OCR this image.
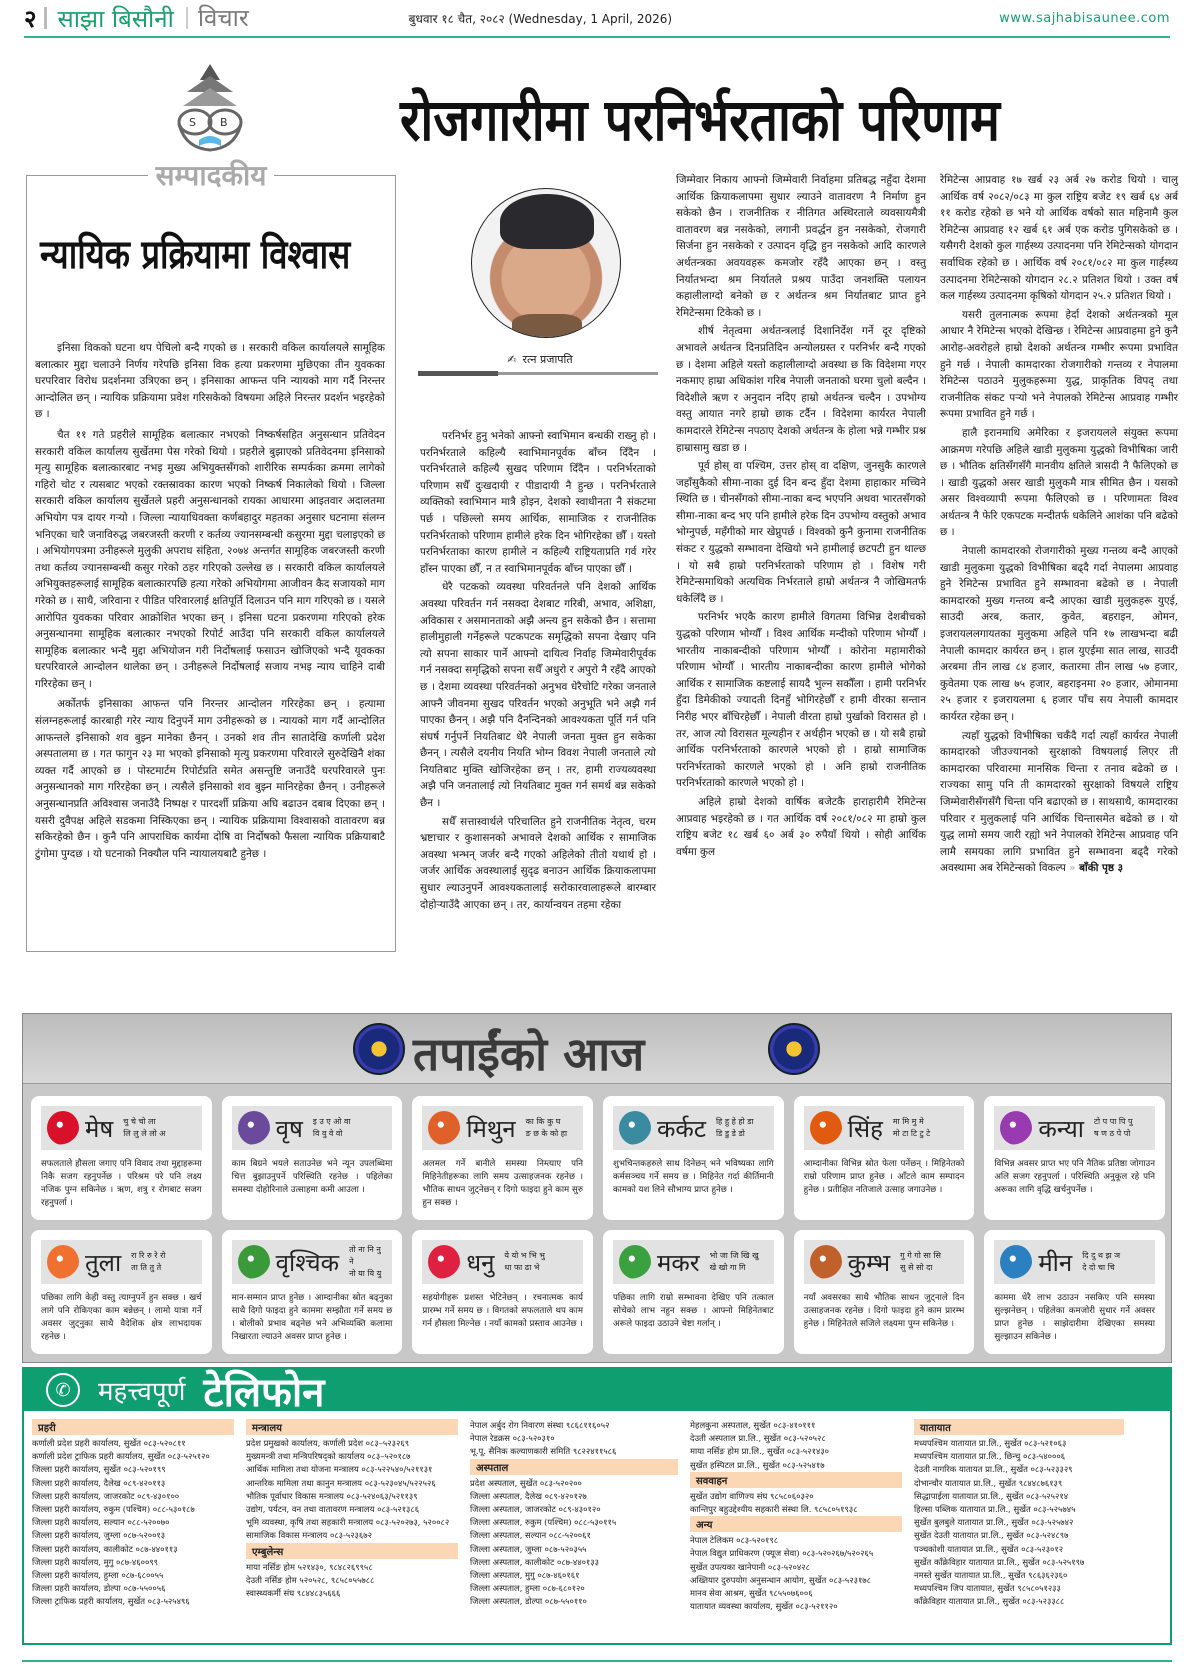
२ साझा बिसौनी	विचार	बुधवार १८ चैत, २०८२ (Wednesday, 1 April, 2026)	www.sajhabisaunee.com
S B
सम्पादकीय
न्यायिक प्रक्रियामा विश्वास

इनिसा विकको घटना थप पेचिलो बन्दै गएको छ । सरकारी वकिल कार्यालयले सामूहिक बलात्कार मुद्दा चलाउने निर्णय गरेपछि इनिसा विक हत्या प्रकरणमा मुछिएका तीन युवकका घरपरिवार विरोध प्रदर्शनमा उत्रिएका छन् । इनिसाका आफन्त पनि न्यायको माग गर्दै निरन्तर आन्दोलित छन् । न्यायिक प्रक्रियामा प्रवेश गरिसकेको विषयमा अहिले निरन्तर प्रदर्शन भइरहेको छ ।

चैत ११ गते प्रहरीले सामूहिक बलात्कार नभएको निष्कर्षसहित अनुसन्धान प्रतिवेदन सरकारी वकिल कार्यालय सुर्खेतमा पेस गरेको थियो । प्रहरीले बुझाएको प्रतिवेदनमा इनिसाको मृत्यु सामूहिक बलात्कारबाट नभइ मुख्य अभियुक्तसँगको शारीरिक सम्पर्कका क्रममा लागेको गहिरो चोट र त्यसबाट भएको रक्तस्रावका कारण भएको निष्कर्ष निकालेको थियो । जिल्ला सरकारी वकिल कार्यालय सुर्खेतले प्रहरी अनुसन्धानको रायका आधारमा आइतवार अदालतमा अभियोग पत्र दायर गर्‍यो । जिल्ला न्यायाधिवक्ता कर्णबहादुर महतका अनुसार घटनामा संलग्न भनिएका चारै जनाविरुद्ध जबरजस्ती करणी र कर्तव्य ज्यानसम्बन्धी कसुरमा मुद्दा चलाइएको छ । अभियोगपत्रमा उनीहरूले मुलुकी अपराध संहिता, २०७४ अन्तर्गत सामूहिक जबरजस्ती करणी तथा कर्तव्य ज्यानसम्बन्धी कसुर गरेको ठहर गरिएको उल्लेख छ । सरकारी वकिल कार्यालयले अभियुक्तहरूलाई सामूहिक बलात्कारपछि हत्या गरेको अभियोगमा आजीवन कैद सजायको माग गरेको छ । साथै, जरिवाना र पीडित परिवारलाई क्षतिपूर्ति दिलाउन पनि माग गरिएको छ । यसले आरोपित युवकका परिवार आक्रोशित भएका छन् । इनिसा घटना प्रकरणमा गरिएको हरेक अनुसन्धानमा सामूहिक बलात्कार नभएको रिपोर्ट आउँदा पनि सरकारी वकिल कार्यालयले सामूहिक बलात्कार भन्दै मुद्दा अभियोजन गरी निर्दोषलाई फसाउन खोजिएको भन्दै यूवकका घरपरिवारले आन्दोलन थालेका छन् । उनीहरूले निर्दोषलाई सजाय नभइ न्याय चाहिने दाबी गरिरहेका छन् ।

अर्कोतर्फ इनिसाका आफन्त पनि निरन्तर आन्दोलन गरिरहेका छन् । हत्यामा संलग्नहरूलाई कारबाही गरेर न्याय दिनुपर्ने माग उनीहरूको छ । न्यायको माग गर्दै आन्दोलित आफन्तले इनिसाको शव बुझ्न मानेका छैनन् । उनको शव तीन सातादेखि कर्णाली प्रदेश अस्पतालमा छ । गत फागुन २३ मा भएको इनिसाको मृत्यु प्रकरणमा परिवारले सुरुदेखिनै शंका व्यक्त गर्दै आएको छ । पोस्टमार्टम रिपोर्टप्रति समेत असन्तुष्टि जनाउँदै घरपरिवारले पुनः अनुसन्धानको माग गरिरहेका छन् । त्यसैले इनिसाको शव बुझ्न मानिरहेका छैनन् । उनीहरूले अनुसन्धानप्रति अविश्वास जनाउँदै निष्पक्ष र पारदर्शी प्रक्रिया अघि बढाउन दबाब दिएका छन् । यसरी दुवैपक्ष अहिले सडकमा निस्किएका छन् । न्यायिक प्रक्रियामा विश्वासको वातावरण बन्न सकिरहेको छैन । कुनै पनि आपराधिक कार्यमा दोषि वा निर्दोषको फैसला न्यायिक प्रक्रियाबाटै टुंगोमा पुग्दछ । यो घटनाको निक्यौल पनि न्यायालयबाटै हुनेछ ।

रोजगारीमा परनिर्भरताको परिणाम
✍ रत्न प्रजापति

परनिर्भर हुनु भनेको आफ्नो स्वाभिमान बन्धकी राख्नु हो । परनिर्भरताले कहिल्यै स्वाभिमानपूर्वक बाँच्न दिँदैन । परनिर्भरताले कहिल्यै सुखद परिणाम दिँदैन । परनिर्भरताको परिणाम सधैँ दुःखदायी र पीडादायी नै हुन्छ । परनिर्भरताले व्यक्तिको स्वाभिमान मात्रै होइन, देशको स्वाधीनता नै संकटमा पर्छ । पछिल्लो समय आर्थिक, सामाजिक र राजनीतिक परनिर्भरताको परिणाम हामीले हरेक दिन भोगिरहेका छौँ । यस्तो परनिर्भरताका कारण हामीले न कहिल्यै राष्ट्रियताप्रति गर्व गरेर हाँस्न पाएका छौँ, न त स्वाभिमानपूर्वक बाँच्न पाएका छौँ ।

धेरै पटकको व्यवस्था परिवर्तनले पनि देशको आर्थिक अवस्था परिवर्तन गर्न नसक्दा देशबाट गरिबी, अभाव, अशिक्षा, अविकास र असमानताको अझै अन्त्य हुन सकेको छैन । सत्तामा हालीमुहाली गर्नेहरूले पटकपटक समृद्धिको सपना देखाए पनि त्यो सपना साकार पार्ने आफ्नो दायित्व निर्वाह जिम्मेवारीपूर्वक गर्न नसक्दा समृद्धिको सपना सधैँ अधुरो र अपुरो नै रहँदै आएको छ । देशमा व्यवस्था परिवर्तनको अनुभव धेरैचोटि गरेका जनताले आफ्नै जीवनमा सुखद परिवर्तन भएको अनुभूति भने अझै गर्न पाएका छैनन् । अझै पनि दैनन्दिनको आवश्यकता पूर्ति गर्न पनि संघर्ष गर्नुपर्ने नियतिबाट धेरै नेपाली जनता मुक्त हुन सकेका छैनन् । त्यसैले दयनीय नियति भोग्न विवश नेपाली जनताले त्यो नियतिबाट मुक्ति खोजिरहेका छन् । तर, हामी राज्यव्यवस्था अझै पनि जनतालाई त्यो नियतिबाट मुक्त गर्न समर्थ बन्न सकेको छैन ।

सधैँ सत्तास्वार्थले परिचालित हुने राजनीतिक नेतृत्व, चरम भ्रष्टाचार र कुशासनको अभावले देशको आर्थिक र सामाजिक अवस्था भन्भन् जर्जर बन्दै गएको अहिलेको तीतो यथार्थ हो । जर्जर आर्थिक अवस्थालाई सुदृढ बनाउन आर्थिक क्रियाकलापमा सुधार ल्याउनुपर्ने आवश्यकतालाई सरोकारवालाहरूले बारम्बार दोहोर्‍याउँदै आएका छन् । तर, कार्यान्वयन तहमा रहेका

जिम्मेवार निकाय आफ्नो जिम्मेवारी निर्वाहमा प्रतिबद्ध नहुँदा देशमा आर्थिक क्रियाकलापमा सुधार ल्याउने वातावरण नै निर्माण हुन सकेको छैन । राजनीतिक र नीतिगत अस्थिरताले व्यवसायमैत्री वातावरण बन्न नसकेको, लगानी प्रवर्द्धन हुन नसकेको, रोजगारी सिर्जना हुन नसकेको र उत्पादन वृद्धि हुन नसकेको आदि कारणले अर्थतन्त्रका अवयवहरू कमजोर रहँदै आएका छन् । वस्तु निर्यातभन्दा श्रम निर्यातले प्रश्रय पाउँदा जनशक्ति पलायन कहालीलाग्दो बनेको छ र अर्थतन्त्र श्रम निर्यातबाट प्राप्त हुने रेमिटेन्समा टिकेको छ ।

शीर्ष नेतृत्वमा अर्थतन्त्रलाई दिशानिर्देश गर्ने दूर दृष्टिको अभावले अर्थतन्त्र दिनप्रतिदिन अन्योलग्रस्त र परनिर्भर बन्दै गएको छ । देशमा अहिले यस्तो कहालीलाग्दो अवस्था छ कि विदेशमा गएर नकमाए हाम्रा अधिकांश गरिब नेपाली जनताको घरमा चुलो बल्दैन । विदेशीले ऋण र अनुदान नदिए हाम्रो अर्थतन्त्र चल्दैन । उपभोग्य वस्तु आयात नगरे हाम्रो छाक टर्दैन । विदेशमा कार्यरत नेपाली कामदारले रेमिटेन्स नपठाए देशको अर्थतन्त्र के होला भन्ने गम्भीर प्रश्न हाम्रासामु खडा छ ।

पूर्व होस् वा पश्चिम, उत्तर होस् वा दक्षिण, जुनसुकै कारणले जहाँसुकैको सीमा-नाका दुई दिन बन्द हुँदा देशमा हाहाकार मच्चिने स्थिति छ । चीनसँगको सीमा-नाका बन्द भएपनि अथवा भारतसँगको सीमा-नाका बन्द भए पनि हामीले हरेक दिन उपभोग्य वस्तुको अभाव भोग्नुपर्छ, महँगीको मार खेप्नुपर्छ । विश्वको कुनै कुनामा राजनीतिक संकट र युद्धको सम्भावना देखियो भने हामीलाई छटपटी हुन थाल्छ । यो सबै हाम्रो परनिर्भरताको परिणाम हो । विशेष गरी रेमिटेन्समाथिको अत्यधिक निर्भरताले हाम्रो अर्थतन्त्र नै जोखिमतर्फ धकेलिँदै छ ।

परनिर्भर भएकै कारण हामीले विगतमा विभिन्न देशबीचको युद्धको परिणाम भोग्यौँ । विश्व आर्थिक मन्दीको परिणाम भोग्यौँ । भारतीय नाकाबन्दीको परिणाम भोग्यौँ । कोरोना महामारीको परिणाम भोग्यौँ । भारतीय नाकाबन्दीका कारण हामीले भोगेको आर्थिक र सामाजिक कष्टलाई सायदै भुल्न सकौँला । हामी परनिर्भर हुँदा डिमेकीको ज्यादती दिनहुँ भोगिरहेछौँ र हामी वीरका सन्तान निरीह भएर बाँचिरहेछौँ । नेपाली वीरता हाम्रो पुर्खाको विरासत हो । तर, आज त्यो विरासत मूल्यहीन र अर्थहीन भएको छ । यो सबै हाम्रो आर्थिक परनिर्भरताको कारणले भएको हो । हाम्रो सामाजिक परनिर्भरताको कारणले भएको हो । अनि हाम्रो राजनीतिक परनिर्भरताको कारणले भएको हो ।

अहिले हाम्रो देशको वार्षिक बजेटकै हाराहारीमै रेमिटेन्स आप्रवाह भइरहेको छ । गत आर्थिक वर्ष २०८१/०८२ मा हाम्रो कुल राष्ट्रिय बजेट १८ खर्ब ६० अर्ब ३० रुपैयाँ थियो । सोही आर्थिक वर्षमा कुल

रेमिटेन्स आप्रवाह १७ खर्ब २३ अर्ब २७ करोड थियो । चालु आर्थिक वर्ष २०८२/०८३ मा कुल राष्ट्रिय बजेट १९ खर्ब ६४ अर्ब ११ करोड रहेको छ भने यो आर्थिक वर्षको सात महिनामै कुल रेमिटेन्स आप्रवाह १२ खर्ब ६१ अर्ब एक करोड पुगिसकेको छ । यसैगरी देशको कुल गार्हस्थ्य उत्पादनमा पनि रेमिटेन्सको योगदान सर्वाधिक रहेको छ । आर्थिक वर्ष २०८१/०८२ मा कुल गार्हस्थ्य उत्पादनमा रेमिटेन्सको योगदान २८.२ प्रतिशत थियो । उक्त वर्ष कल गार्हस्थ्य उत्पादनमा कृषिको योगदान २५.२ प्रतिशत थियो ।

यसरी तुलनात्मक रूपमा हेर्दा देशको अर्थतन्त्रको मूल आधार नै रेमिटेन्स भएको देखिन्छ । रेमिटेन्स आप्रवाहमा हुने कुनै आरोह-अवरोहले हाम्रो देशको अर्थतन्त्र गम्भीर रूपमा प्रभावित हुने गर्छ । नेपाली कामदारका रोजगारीको गन्तव्य र नेपालमा रेमिटेन्स पठाउने मुलुकहरूमा युद्ध, प्राकृतिक विपद् तथा राजनीतिक संकट पर्‍यो भने नेपालको रेमिटेन्स आप्रवाह गम्भीर रूपमा प्रभावित हुने गर्छ ।

हालै इरानमाथि अमेरिका र इजरायलले संयुक्त रूपमा आक्रमण गरेपछि अहिले खाडी मुलुकमा युद्धको विभीषिका जारी छ । भौतिक क्षतिसँगसँगै मानवीय क्षतिले त्रासदी नै फैलिएको छ । खाडी युद्धको असर खाडी मुलुकमै मात्र सीमित छैन । यसको असर विश्वव्यापी रूपमा फैलिएको छ । परिणामतः विश्व अर्थतन्त्र नै फेरि एकपटक मन्दीतर्फ धकेलिने आशंका पनि बढेको छ ।

नेपाली कामदारको रोजगारीको मुख्य गन्तव्य बन्दै आएको खाडी मुलुकमा युद्धको विभीषिका बढ्दै गर्दा नेपालमा आप्रवाह हुने रेमिटेन्स प्रभावित हुने सम्भावना बढेको छ । नेपाली कामदारको मुख्य गन्तव्य बन्दै आएका खाडी मुलुकहरू युएई, साउदी अरब, कतार, कुवेत, बहराइन, ओमन, इजरायललगायतका मुलुकमा अहिले पनि १७ लाखभन्दा बढी नेपाली कामदार कार्यरत छन् । हाल युएईमा सात लाख, साउदी अरबमा तीन लाख ८४ हजार, कतारमा तीन लाख ५७ हजार, कुवेतमा एक लाख ७५ हजार, बहराइनमा २० हजार, ओमानमा २५ हजार र इजरायलमा ६ हजार पाँच सय नेपाली कामदार कार्यरत रहेका छन् ।

त्यहाँ युद्धको विभीषिका चर्कँदै गर्दा त्यहाँ कार्यरत नेपाली कामदारको जीउज्यानको सुरक्षाको विषयलाई लिएर ती कामदारका परिवारमा मानसिक चिन्ता र तनाव बढेको छ । राज्यका सामु पनि ती कामदारको सुरक्षाको विषयले राष्ट्रिय जिम्मेवारीसँगसँगै चिन्ता पनि बढाएको छ । साथसाथै, कामदारका परिवार र मुलुकलाई पनि आर्थिक चिन्तासमेत बढेको छ । यो युद्ध लामो समय जारी रह्यो भने नेपालको रेमिटेन्स आप्रवाह पनि लामै समयका लागि प्रभावित हुने सम्भावना बढ्दै गरेको अवस्थामा अब रेमिटेन्सको विकल्प » बाँकी पृष्ठ ३

तपाईंको आज
मेष चु चे चो ला
लि लु ले लो अ
सफलताले हौसला जगाए पनि विवाद तथा मुद्दाहरूमा निकै सजग रहनुपर्नेछ । परिश्रम परे पनि लक्ष्य नजिक पुग्न सकिनेछ । ऋण, शत्रु र रोगबाट सजग रहनुपर्ला ।
वृष इ उ ए ओ वा
वि वु वे वो
काम बिग्रने भयले सताउनेछ भने न्यून उपलब्धिमा चित्त बुझाउनुपर्ने परिस्थिति रहनेछ । पहिलेका समस्या दोहोरिनाले उत्साहमा कमी आउला ।
मिथुन का कि कु घ
ङ छ के को हा
अलमल गर्ने बानीले समस्या निम्त्याए पनि मिहिनेतीहरूका लागि समय उत्साहजनक रहनेछ । भौतिक साधन जुट्नेछन् र दिगो फाइदा हुने काम सुरु हुन सक्छ ।
कर्कट हि हु हे हो डा
डि डु डे डो
शुभचिन्तकहरुले साथ दिनेछन् भने भविष्यका लागि कर्मसञ्चय गर्ने समय छ । मिहिनेत गर्दा कीर्तिमानी कामको यश लिने सौभाग्य प्राप्त हुनेछ ।
सिंह मा मि मु मे
मो टा टि टु टे
आम्दानीका विभिन्न स्रोत फेला पर्नेछन् । मिहिनेतको राम्रो परिणाम प्राप्त हुनेछ । आँटले काम सम्पादन हुनेछ । प्रतीक्षित नतिजाले उत्साह जगाउनेछ ।
कन्या टो प पा पि पु
ष ण ठ पे पो
विभिन्न अवसर प्राप्त भए पनि नैतिक प्रतिष्ठा जोगाउन अलि सजग रहनुपर्ला । परिस्थिति अनुकूल रहे पनि अरूका लागि वृद्धि खर्चनुपर्नेछ ।
तुला रा रि रु रे रो
ता ति तु ते
पछिका लागि केही वस्तु त्याग्नुपर्ने हुन सक्छ । खर्च लागे पनि रोकिएका काम बन्नेछन् । लामो यात्रा गर्ने अवसर जुट्नुका साथै वैदेशिक क्षेत्र लाभदायक रहनेछ ।
वृश्चिक तो ना नि नु ने
नो या यि यु
मान-सम्मान प्राप्त हुनेछ । आम्दानीका स्रोत बढ्नुका साथै दिगो फाइदा हुने काममा सम्झौता गर्ने समय छ । बोलीको प्रभाव बढ्नेछ भने अभिव्यक्ति कलामा निखारता ल्याउने अवसर प्राप्त हुनेछ ।
धनु ये यो भ भि भु
धा फा ढा भे
सहयोगीहरू प्रशस्त भेटिनेछन् । रचनात्मक कार्य प्रारम्भ गर्ने समय छ । विगतको सफलताले थप काम गर्न हौसला मिल्नेछ । नयाँ कामको प्रस्ताव आउनेछ ।
मकर भो जा जि खि खु
खे खो गा गि
पछिका लागि राम्रो सम्भावना देखिए पनि तत्काल सोचेको लाभ नहुन सक्छ । आफ्नो मिहिनेतबाट अरूले फाइदा उठाउने चेष्टा गर्लान् ।
कुम्भ गु गे गो सा सि
सु से सो दा
नयाँ अवसरका साथै भौतिक साधन जुट्नाले दिन उत्साहजनक रहनेछ । दिगो फाइदा हुने काम प्रारम्भ हुनेछ । मिहिनेतले सजिले लक्ष्यमा पुग्न सकिनेछ ।
मीन दि दु थ झ ञ
दे दो चा चि
काममा धेरै लाभ उठाउन नसकिए पनि समस्या सुल्झनेछन् । पहिलेका कमजोरी सुधार गर्ने अवसर प्राप्त हुनेछ । साझेदारीमा देखिएका समस्या सुल्झाउन सकिनेछ ।
✆	महत्त्वपूर्ण टेलिफोन
प्रहरी
कर्णाली प्रदेश प्रहरी कार्यालय, सुर्खेत ०८३-५२०८११
कर्णाली प्रदेश ट्राफिक प्रहरी कार्यालय, सुर्खेत ०८३-५२५१२०
जिल्ला प्रहरी कार्यालय, सुर्खेत ०८३-५२०१९९
जिल्ला प्रहरी कार्यालय, दैलेख ०८९-४२०११३
जिल्ला प्रहरी कार्यालय, जाजरकोट ०८९-४३०१००
जिल्ला प्रहरी कार्यालय, रुकुम (पश्चिम) ०८८-५३०१८७
जिल्ला प्रहरी कार्यालय, सल्यान ०८८-५२००७०
जिल्ला प्रहरी कार्यालय, जुम्ला ०८७-५२००१३
जिल्ला प्रहरी कार्यालय, कालीकोट ०८७-४४०११३
जिल्ला प्रहरी कार्यालय, मुगु ०८७-४६००९९
जिल्ला प्रहरी कार्यालय, हुम्ला ०८७-६८००५५
जिल्ला प्रहरी कार्यालय, डोल्पा ०८७-५५००५६
जिल्ला ट्राफिक प्रहरी कार्यालय, सुर्खेत ०८३-५२५४९६
मन्त्रालय
प्रदेश प्रमुखको कार्यालय, कर्णाली प्रदेश ०८३–५२३२६९
मुख्यमन्त्री तथा मन्त्रिपरिषद्को कार्यालय ०८३–५२०१८७
आर्थिक मामिला तथा योजना मन्त्रालय ०८३-५२२५४०/५२११३१
आन्तरिक मामिला तथा कानुन मन्त्रालय ०८३-५२३०४५/५२२५२६
भौतिक पूर्वाधार विकास मन्त्रालय ०८३-५२४०६३/५२११३९
उद्योग, पर्यटन, वन तथा वातावरण मन्त्रालय ०८३-५२१३८६
भूमि व्यवस्था, कृषि तथा सहकारी मन्त्रालय ०८३-५२०२७३, ५२००८२
सामाजिक विकास मन्त्रालय ०८३-५२३६७२
एम्बुलेन्स
माया नर्सिङ होम ५२१४३०, ९८४८२६९९५८
देउती नर्सिङ होम ५२०५२८, ९८५८०५५७८८
स्वास्थ्यकर्मी संघ ९८४४८३५६६६
नेपाल अर्बुद रोग निवारण संस्था ९८६८११६०५२
नेपाल रेडक्रस ०८३-५२०३१०
भू.पू. सैनिक कल्याणकारी समिति ९८२२४११५८६
अस्पताल
प्रदेश अस्पताल, सुर्खेत ०८३-५२०२००
जिल्ला अस्पताल, दैलेख ०८९-४२०१२७
जिल्ला अस्पताल, जाजरकोट ०८९-४३०१२०
जिल्ला अस्पताल, रुकुम (पश्चिम) ०८८-५३०११५
जिल्ला अस्पताल, सल्यान ०८८-५२००६१
जिल्ला अस्पताल, जुम्ला ०८७-५२०३५५
जिल्ला अस्पताल, कालीकोट ०८७-४४०१३३
जिल्ला अस्पताल, मुगु ०८७-४६०१६१
जिल्ला अस्पताल, हुम्ला ०८७-६८०१२०
जिल्ला अस्पताल, डोल्पा ०८७-५५०११०
मेहलकुना अस्पताल, सुर्खेत ०८३-४१०१११
देउती अस्पताल प्रा.लि., सुर्खेत ०८३-५२०५२८
माया नर्सिङ होम प्रा.लि., सुर्खेत ०८३-५२१४३०
सुर्खेत हस्पिटल प्रा.लि., सुर्खेत ०८३-५२५४१७
सववाहन
सुर्खेत उद्योग वाणिज्य संघ ९८५८०६०३२०
कान्तिपुर बहुउद्देश्यीय सहकारी संस्था लि. ९८५८०५१९३८
अन्य
नेपाल टेलिकम ०८३-५२०१९८
नेपाल विद्युत प्राधिकरण (फ्यूज सेवा) ०८३-५२०२६७/५२०२६५
सुर्खेत उपत्यका खानेपानी ०८३-५२०४२८
अख्तियार दुरुपयोग अनुसन्धान आयोग, सुर्खेत ०८३-५२३१७८
मानव सेवा आश्रम, सुर्खेत ९८५५०७६००६
यातायात व्यवस्था कार्यालय, सुर्खेत ०८३-५२११२०
यातायात
मध्यपश्चिम यातायात प्रा.लि., सुर्खेत ०८३-५२१०६३
मध्यपश्चिम यातायात प्रा.लि., छिन्चु ०८३-५४०००६
देउती नागरिक यातायत प्रा.लि., सुर्खेत ०८३-५२३३२९
दोभान्चौर यातायात प्रा.लि., सुर्खेत ९८४४८७६१३९
सिद्धापाईला यातायात प्रा.लि., सुर्खेत ०८३-५२५२१४
हिल्सा पब्लिक यातायात प्रा.लि., सुर्खेत ०८३-५२५७४५
सुर्खेत बुलबुले यातायात प्रा.लि., सुर्खेत ०८३-५२५७४२
सुर्खेत देउती यातायात प्रा.लि., सुर्खेत ०८३-५२४८९७
पञ्चकोशी यातायात प्रा.लि., सुर्खेत ०८३-५२३०१२
सुर्खेत काँक्रेविहार यातायात प्रा.लि., सुर्खेत ०८३-५२५१९७
नमस्ते सुर्खेत यातायात प्रा.लि., सुर्खेत ९८६३६२३६०
मध्यपश्चिम जिप यातायात, सुर्खेत ९८५८०५१२३३
काँक्रेविहार यातायात प्रा.लि., सुर्खेत ०८३-५२३३८८
